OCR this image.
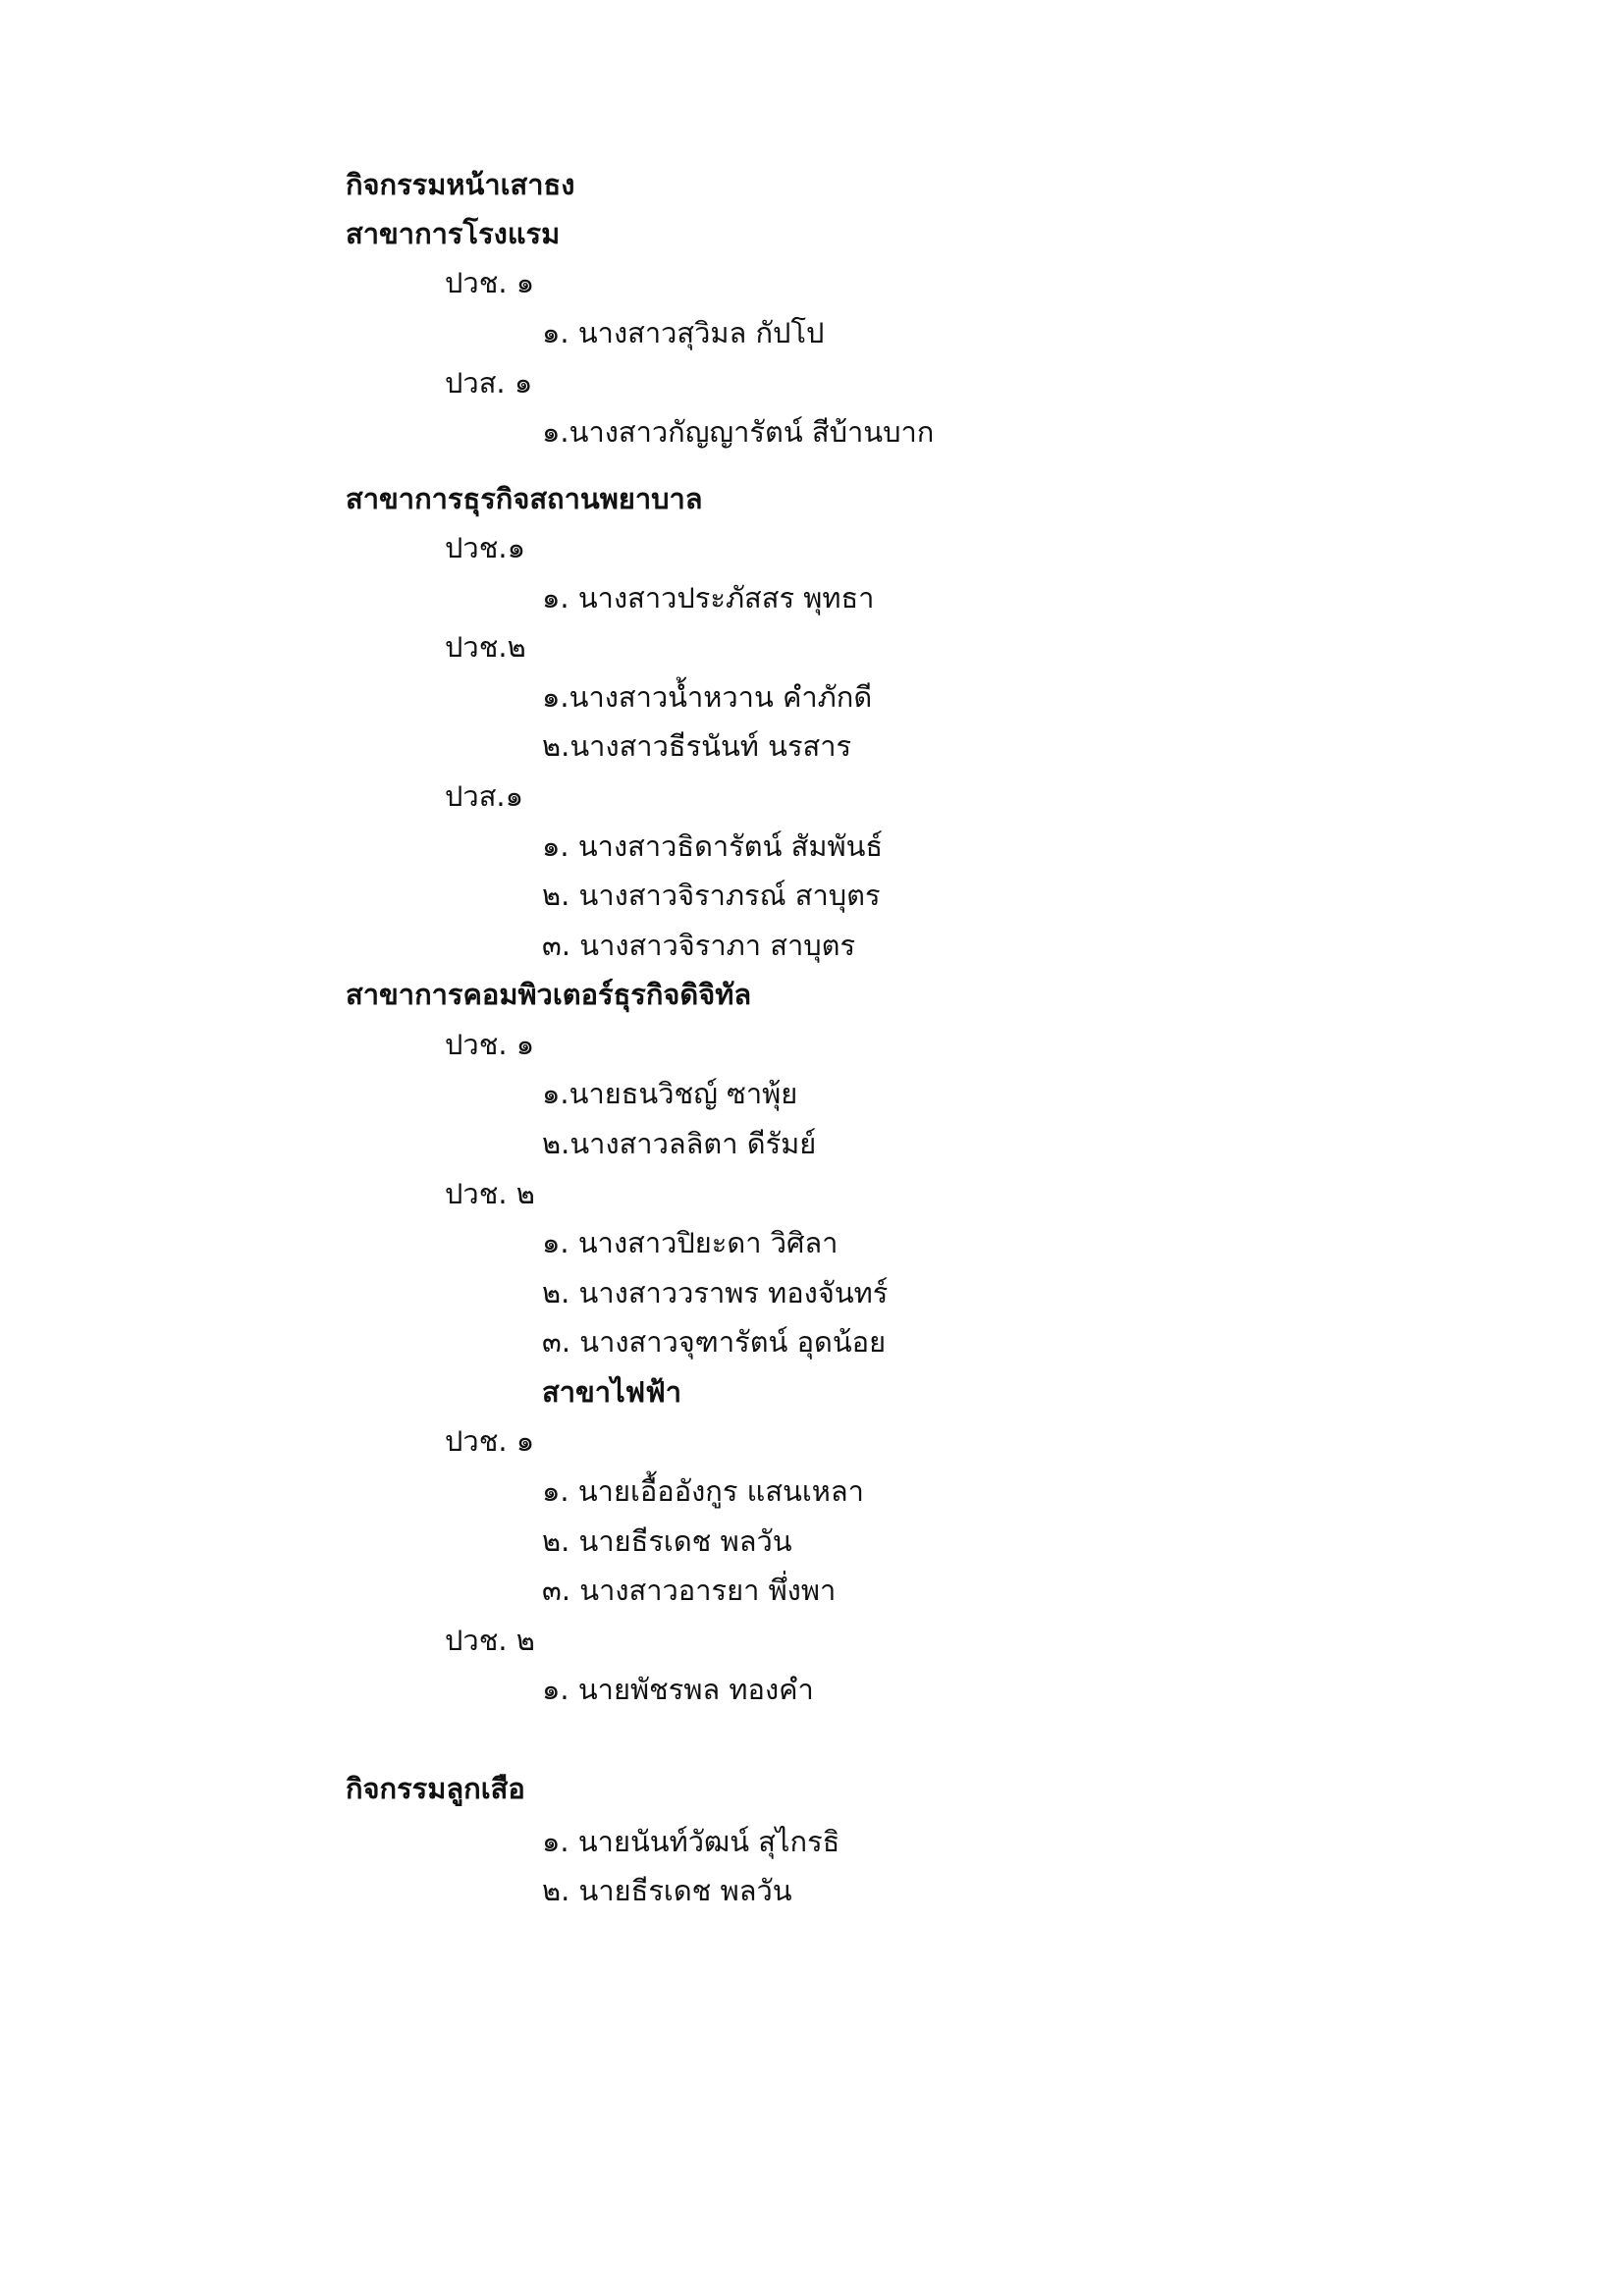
กิจกรรมหน้าเสาธง
สาขาการโรงแรม
ปวช. ๑
๑. นางสาวสุวิมล กัปโป
ปวส. ๑
๑.นางสาวกัญญารัตน์ สีบ้านบาก
สาขาการธุรกิจสถานพยาบาล
ปวช.๑
๑. นางสาวประภัสสร พุทธา
ปวช.๒
๑.นางสาวน้ำหวาน คำภักดี
๒.นางสาวธีรนันท์ นรสาร
ปวส.๑
๑. นางสาวธิดารัตน์ สัมพันธ์
๒. นางสาวจิราภรณ์ สาบุตร
๓. นางสาวจิราภา สาบุตร
สาขาการคอมพิวเตอร์ธุรกิจดิจิทัล
ปวช. ๑
๑.นายธนวิชญ์ ซาพุ้ย
๒.นางสาวลลิตา ดีรัมย์
ปวช. ๒
๑. นางสาวปิยะดา วิศิลา
๒. นางสาววราพร ทองจันทร์
๓. นางสาวจุฑารัตน์ อุดน้อย
สาขาไฟฟ้า
ปวช. ๑
๑. นายเอื้ออังกูร แสนเหลา
๒. นายธีรเดช พลวัน
๓. นางสาวอารยา พึ่งพา
ปวช. ๒
๑. นายพัชรพล ทองคำ
กิจกรรมลูกเสือ
๑. นายนันท์วัฒน์ สุไกรธิ
๒. นายธีรเดช พลวัน
